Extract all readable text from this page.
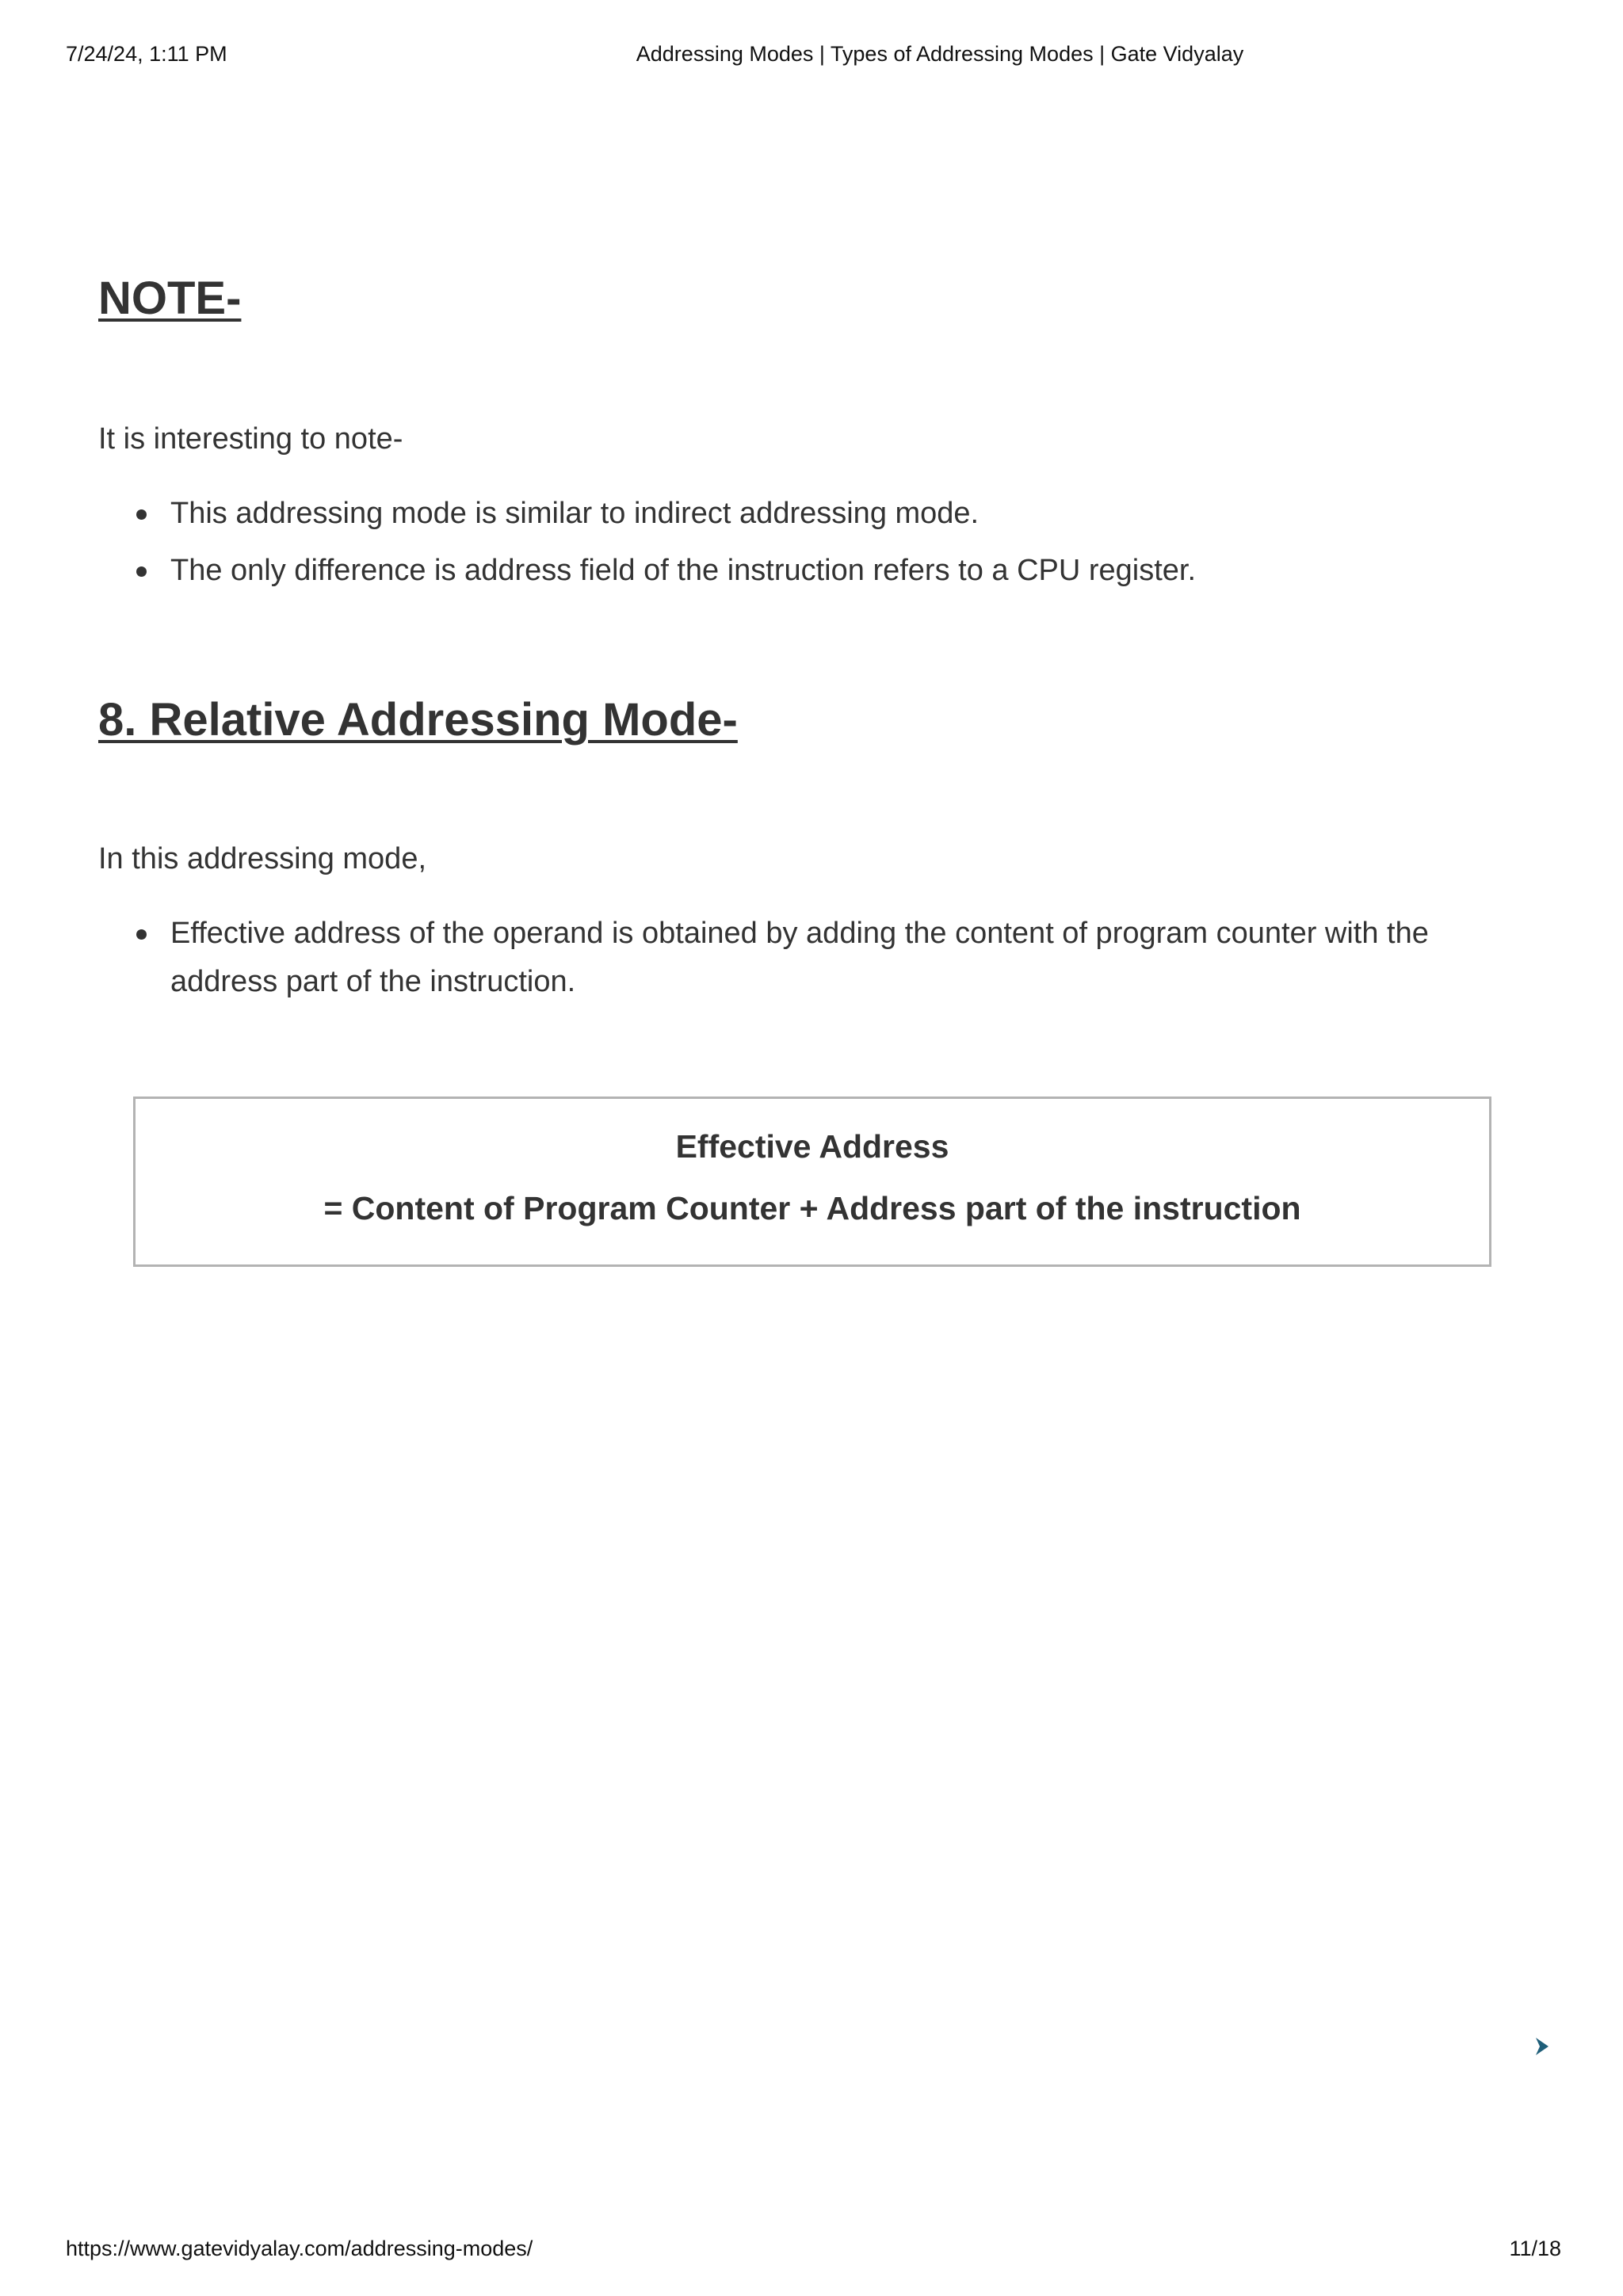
7/24/24, 1:11 PM	Addressing Modes | Types of Addressing Modes | Gate Vidyalay
NOTE-

It is interesting to note-

This addressing mode is similar to indirect addressing mode.
The only difference is address field of the instruction refers to a CPU register.
8. Relative Addressing Mode-

In this addressing mode,

Effective address of the operand is obtained by adding the content of program counter with the address part of the instruction.
Effective Address
= Content of Program Counter + Address part of the instruction
https://www.gatevidyalay.com/addressing-modes/	11/18
